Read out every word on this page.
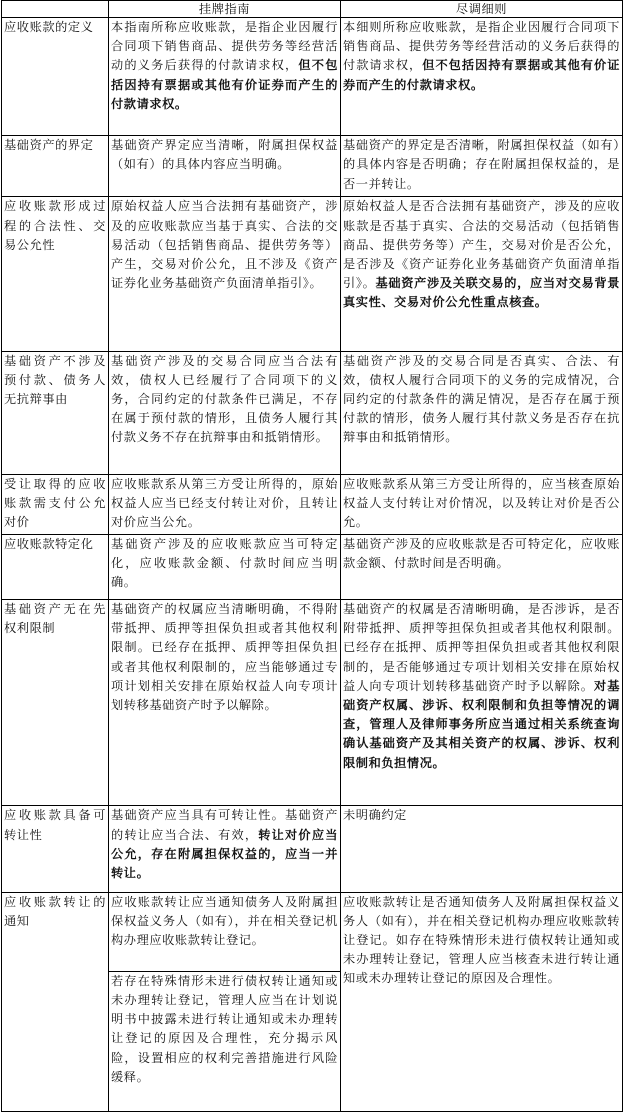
	挂牌指南	尽调细则
应收账款的定义	本指南所称应收账款，是指企业因履行合同项下销售商品、提供劳务等经营活动的义务后获得的付款请求权，但不包括因持有票据或其他有价证券而产生的付款请求权。	本细则所称应收账款，是指企业因履行合同项下销售商品、提供劳务等经营活动的义务后获得的付款请求权，但不包括因持有票据或其他有价证券而产生的付款请求权。
基础资产的界定	基础资产界定应当清晰，附属担保权益（如有）的具体内容应当明确。	基础资产的界定是否清晰，附属担保权益（如有）的具体内容是否明确；存在附属担保权益的，是否一并转让。
应收账款形成过程的合法性、交易公允性	原始权益人应当合法拥有基础资产，涉及的应收账款应当基于真实、合法的交易活动（包括销售商品、提供劳务等）产生，交易对价公允，且不涉及《资产证券化业务基础资产负面清单指引》。	原始权益人是否合法拥有基础资产，涉及的应收账款是否基于真实、合法的交易活动（包括销售商品、提供劳务等）产生，交易对价是否公允，是否涉及《资产证券化业务基础资产负面清单指引》。基础资产涉及关联交易的，应当对交易背景真实性、交易对价公允性重点核查。
基础资产不涉及预付款、债务人无抗辩事由	基础资产涉及的交易合同应当合法有效，债权人已经履行了合同项下的义务，合同约定的付款条件已满足，不存在属于预付款的情形，且债务人履行其付款义务不存在抗辩事由和抵销情形。	基础资产涉及的交易合同是否真实、合法、有效，债权人履行合同项下的义务的完成情况，合同约定的付款条件的满足情况，是否存在属于预付款的情形，债务人履行其付款义务是否存在抗辩事由和抵销情形。
受让取得的应收账款需支付公允对价	应收账款系从第三方受让所得的，原始权益人应当已经支付转让对价，且转让对价应当公允。	应收账款系从第三方受让所得的，应当核查原始权益人支付转让对价情况，以及转让对价是否公允。
应收账款特定化	基础资产涉及的应收账款应当可特定化，应收账款金额、付款时间应当明确。	基础资产涉及的应收账款是否可特定化，应收账款金额、付款时间是否明确。
基础资产无在先权利限制	基础资产的权属应当清晰明确，不得附带抵押、质押等担保负担或者其他权利限制。已经存在抵押、质押等担保负担或者其他权利限制的，应当能够通过专项计划相关安排在原始权益人向专项计划转移基础资产时予以解除。	基础资产的权属是否清晰明确，是否涉诉，是否附带抵押、质押等担保负担或者其他权利限制。已经存在抵押、质押等担保负担或者其他权利限制的，是否能够通过专项计划相关安排在原始权益人向专项计划转移基础资产时予以解除。对基础资产权属、涉诉、权利限制和负担等情况的调查，管理人及律师事务所应当通过相关系统查询确认基础资产及其相关资产的权属、涉诉、权利限制和负担情况。
应收账款具备可转让性	基础资产应当具有可转让性。基础资产的转让应当合法、有效，转让对价应当公允，存在附属担保权益的，应当一并转让。	未明确约定
应收账款转让的通知	应收账款转让应当通知债务人及附属担保权益义务人（如有），并在相关登记机构办理应收账款转让登记。	应收账款转让是否通知债务人及附属担保权益义务人（如有），并在相关登记机构办理应收账款转让登记。如存在特殊情形未进行债权转让通知或未办理转让登记，管理人应当核查未进行转让通知或未办理转让登记的原因及合理性。
	若存在特殊情形未进行债权转让通知或未办理转让登记，管理人应当在计划说明书中披露未进行转让通知或未办理转让登记的原因及合理性，充分揭示风险，设置相应的权利完善措施进行风险缓释。	
